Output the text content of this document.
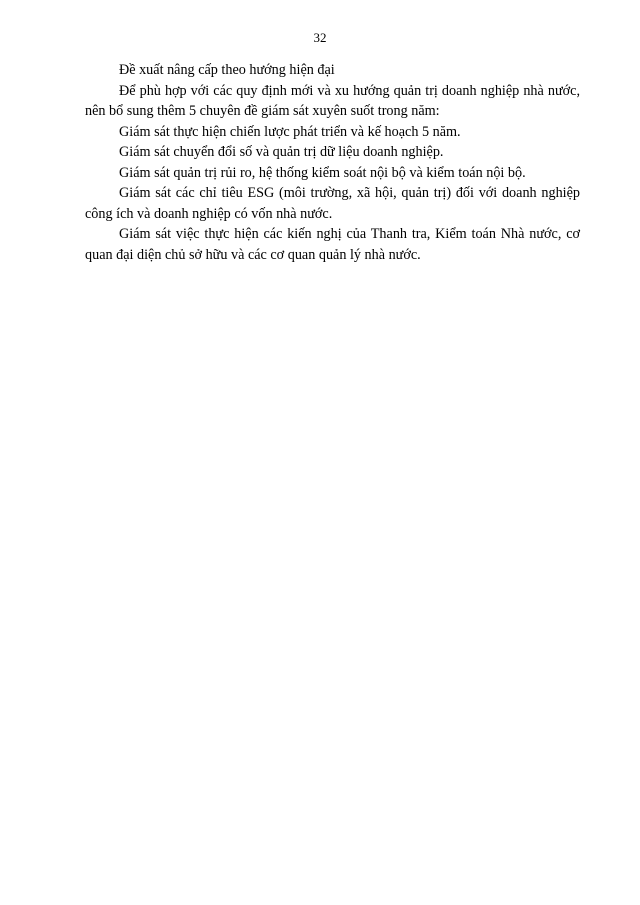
32

Đề xuất nâng cấp theo hướng hiện đại

Để phù hợp với các quy định mới và xu hướng quản trị doanh nghiệp nhà nước, nên bổ sung thêm 5 chuyên đề giám sát xuyên suốt trong năm:

Giám sát thực hiện chiến lược phát triển và kế hoạch 5 năm.

Giám sát chuyển đổi số và quản trị dữ liệu doanh nghiệp.

Giám sát quản trị rủi ro, hệ thống kiểm soát nội bộ và kiểm toán nội bộ.

Giám sát các chỉ tiêu ESG (môi trường, xã hội, quản trị) đối với doanh nghiệp công ích và doanh nghiệp có vốn nhà nước.

Giám sát việc thực hiện các kiến nghị của Thanh tra, Kiểm toán Nhà nước, cơ quan đại diện chủ sở hữu và các cơ quan quản lý nhà nước.
